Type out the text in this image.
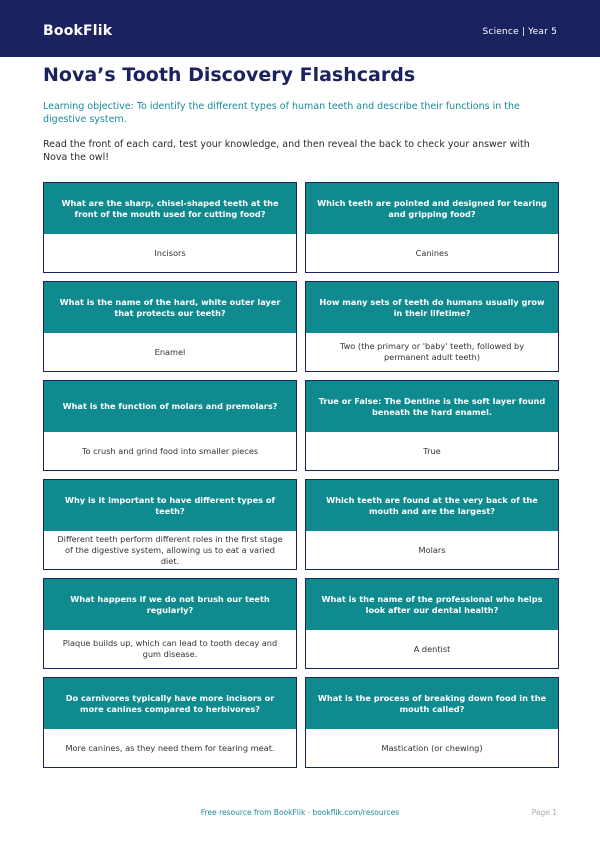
BookFlik	Science | Year 5
Nova’s Tooth Discovery Flashcards

Learning objective: To identify the different types of human teeth and describe their functions in the digestive system.

Read the front of each card, test your knowledge, and then reveal the back to check your answer with Nova the owl!

What are the sharp, chisel-shaped teeth at the front of the mouth used for cutting food?
Incisors
Which teeth are pointed and designed for tearing and gripping food?
Canines
What is the name of the hard, white outer layer that protects our teeth?
Enamel
How many sets of teeth do humans usually grow in their lifetime?
Two (the primary or 'baby' teeth, followed by permanent adult teeth)
What is the function of molars and premolars?
To crush and grind food into smaller pieces
True or False: The Dentine is the soft layer found beneath the hard enamel.
True
Why is it important to have different types of teeth?
Different teeth perform different roles in the first stage of the digestive system, allowing us to eat a varied diet.
Which teeth are found at the very back of the mouth and are the largest?
Molars
What happens if we do not brush our teeth regularly?
Plaque builds up, which can lead to tooth decay and gum disease.
What is the name of the professional who helps look after our dental health?
A dentist
Do carnivores typically have more incisors or more canines compared to herbivores?
More canines, as they need them for tearing meat.
What is the process of breaking down food in the mouth called?
Mastication (or chewing)
Free resource from BookFlik · bookflik.com/resources	Page 1
